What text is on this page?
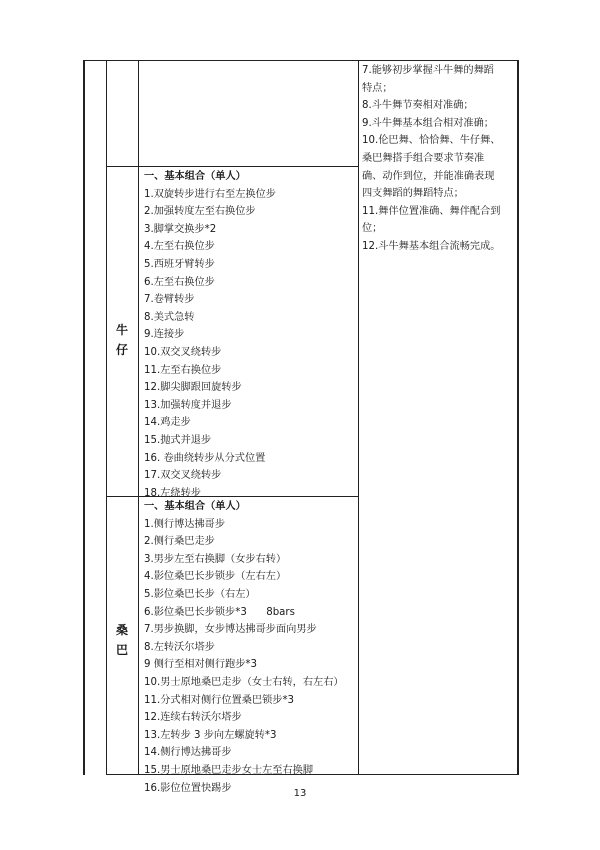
7.能够初步掌握斗牛舞的舞蹈
特点；
8.斗牛舞节奏相对准确；
9.斗牛舞基本组合相对准确；
10.伦巴舞、恰恰舞、牛仔舞、
桑巴舞搭手组合要求节奏准
确、动作到位，并能准确表现
四支舞蹈的舞蹈特点；
11.舞伴位置准确、舞伴配合到
位；
12.斗牛舞基本组合流畅完成。
牛
仔
一、基本组合（单人）
1.双旋转步进行右至左换位步
2.加强转度左至右换位步
3.脚掌交换步*2
4.左至右换位步
5.西班牙臂转步
6.左至右换位步
7.卷臂转步
8.美式急转
9.连接步
10.双交叉绕转步
11.左至右换位步
12.脚尖脚跟回旋转步
13.加强转度并退步
14.鸡走步
15.抛式并退步
16. 卷曲绕转步从分式位置
17.双交叉绕转步
18.左绕转步
桑
巴
一、基本组合（单人）
1.侧行博达拂哥步
2.侧行桑巴走步
3.男步左至右换脚（女步右转）
4.影位桑巴长步锁步（左右左）
5.影位桑巴长步（右左）
6.影位桑巴长步锁步*3      8bars
7.男步换脚，女步博达拂哥步面向男步
8.左转沃尔塔步
9 侧行至相对侧行跑步*3
10.男士原地桑巴走步（女士右转，右左右）
11.分式相对侧行位置桑巴锁步*3
12.连续右转沃尔塔步
13.左转步 3 步向左螺旋转*3
14.侧行博达拂哥步
15.男士原地桑巴走步女士左至右换脚
16.影位位置快踢步	13
